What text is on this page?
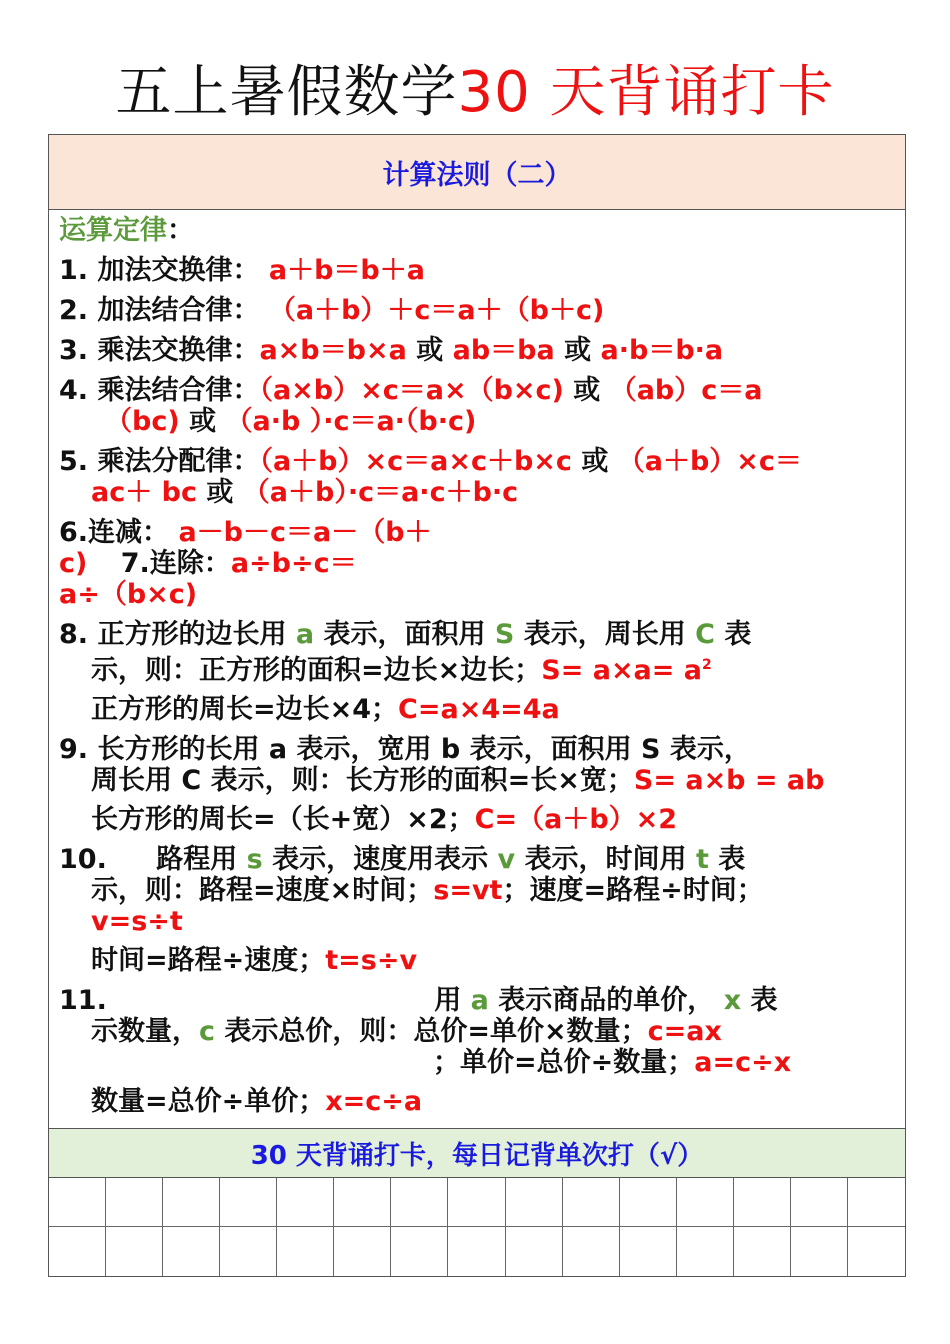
五上暑假数学30 天背诵打卡
计算法则（二）
运算定律：
1. 加法交换律： a＋b＝b＋a
2. 加法结合律： （a＋b）＋c＝a＋（b＋c)
3. 乘法交换律：a×b＝b×a 或 ab＝ba 或 a·b＝b·a
4. 乘法结合律：（a×b）×c＝a×（b×c) 或 （ab）c＝a
（bc) 或 （a·b ）·c＝a·（b·c)
5. 乘法分配律：（a＋b）×c＝a×c＋b×c 或 （a＋b）×c＝
ac＋ bc 或 （a＋b）·c＝a·c＋b·c
6.连减： a－b－c＝a－（b＋
c) 7.连除：a÷b÷c＝
a÷（b×c)
8. 正方形的边长用 a 表示，面积用 S 表示，周长用 C 表
示，则：正方形的面积=边长×边长；$S= a\times a= a^2$
正方形的周长=边长×4；C=a×4=4a
9. 长方形的长用 a 表示，宽用 b 表示，面积用 S 表示，
周长用 C 表示，则：长方形的面积=长×宽；S= a×b = ab
长方形的周长=（长+宽）×2；C=（a＋b）×2
10. 路程用 s 表示，速度用表示 v 表示，时间用 t 表
示，则：路程=速度×时间；s=vt；速度=路程÷时间；
v=s÷t
时间=路程÷速度；t=s÷v
11.	用 a 表示商品的单价， x 表
示数量，c 表示总价，则：总价=单价×数量；c=ax
；单价=总价÷数量；a=c÷x
数量=总价÷单价；x=c÷a
30 天背诵打卡，每日记背单次打（√）
